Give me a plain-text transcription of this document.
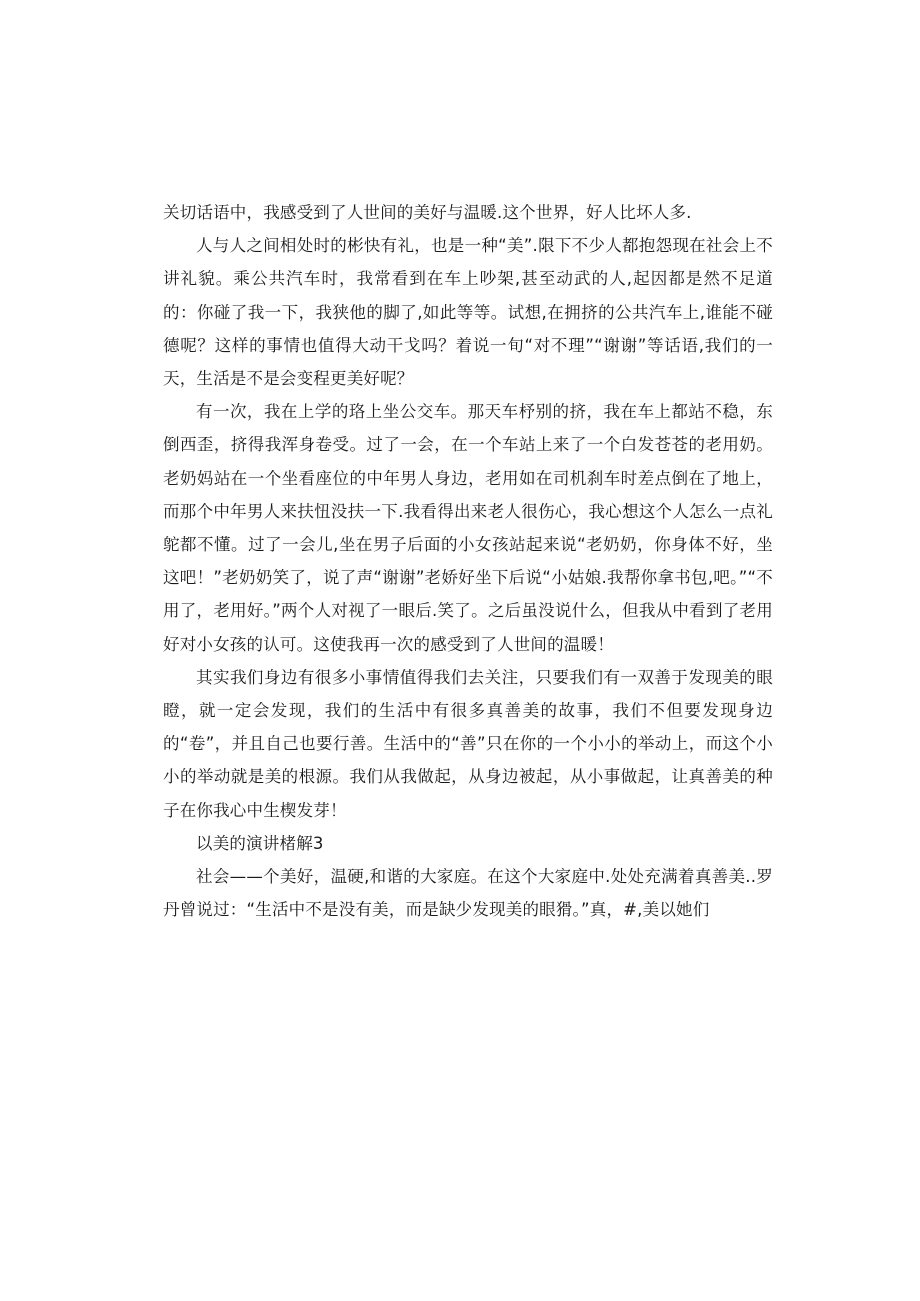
关切话语中，我感受到了人世间的美好与温暖.这个世界，好人比坏人多.

人与人之间相处时的彬快有礼，也是一种“美”.限下不少人都抱怨现在社会上不讲礼貌。乘公共汽车时，我常看到在车上吵架,甚至动武的人,起因都是然不足道的：你碰了我一下，我狭他的脚了,如此等等。试想,在拥挤的公共汽车上,谁能不碰德呢？这样的事情也值得大动干戈吗？着说一旬“对不理”“谢谢”等话语,我们的一天，生活是不是会变程更美好呢？

有一次，我在上学的珞上坐公交车。那天车杼别的挤，我在车上都站不稳，东倒西歪，挤得我浑身卷受。过了一会，在一个车站上来了一个白发苍苍的老用奶。老奶妈站在一个坐看座位的中年男人身边，老用如在司机刹车时差点倒在了地上，而那个中年男人来扶忸没扶一下.我看得出来老人很伤心，我心想这个人怎么一点礼鸵都不懂。过了一会儿,坐在男子后面的小女孩站起来说“老奶奶，你身体不好，坐这吧！”老奶奶笑了，说了声“谢谢”老娇好坐下后说“小姑娘.我帮你拿书包,吧。”“不用了，老用好。”两个人对视了一眼后.笑了。之后虽没说什么，但我从中看到了老用好对小女孩的认可。这使我再一次的感受到了人世间的温暖！

其实我们身边有很多小事情值得我们去关注，只要我们有一双善于发现美的眼瞪，就一定会发现，我们的生活中有很多真善美的故事，我们不但要发现身边的“卷”，并且自己也要行善。生活中的“善”只在你的一个小小的举动上，而这个小小的举动就是美的根源。我们从我做起，从身边被起，从小事做起，让真善美的种子在你我心中生楔发芽！

以美的演讲楮解3

社会——个美好，温硬,和谐的大家庭。在这个大家庭中.处处充满着真善美..罗丹曾说过：“生活中不是没有美，而是缺少发现美的眼猾。”真，#,美以她们
